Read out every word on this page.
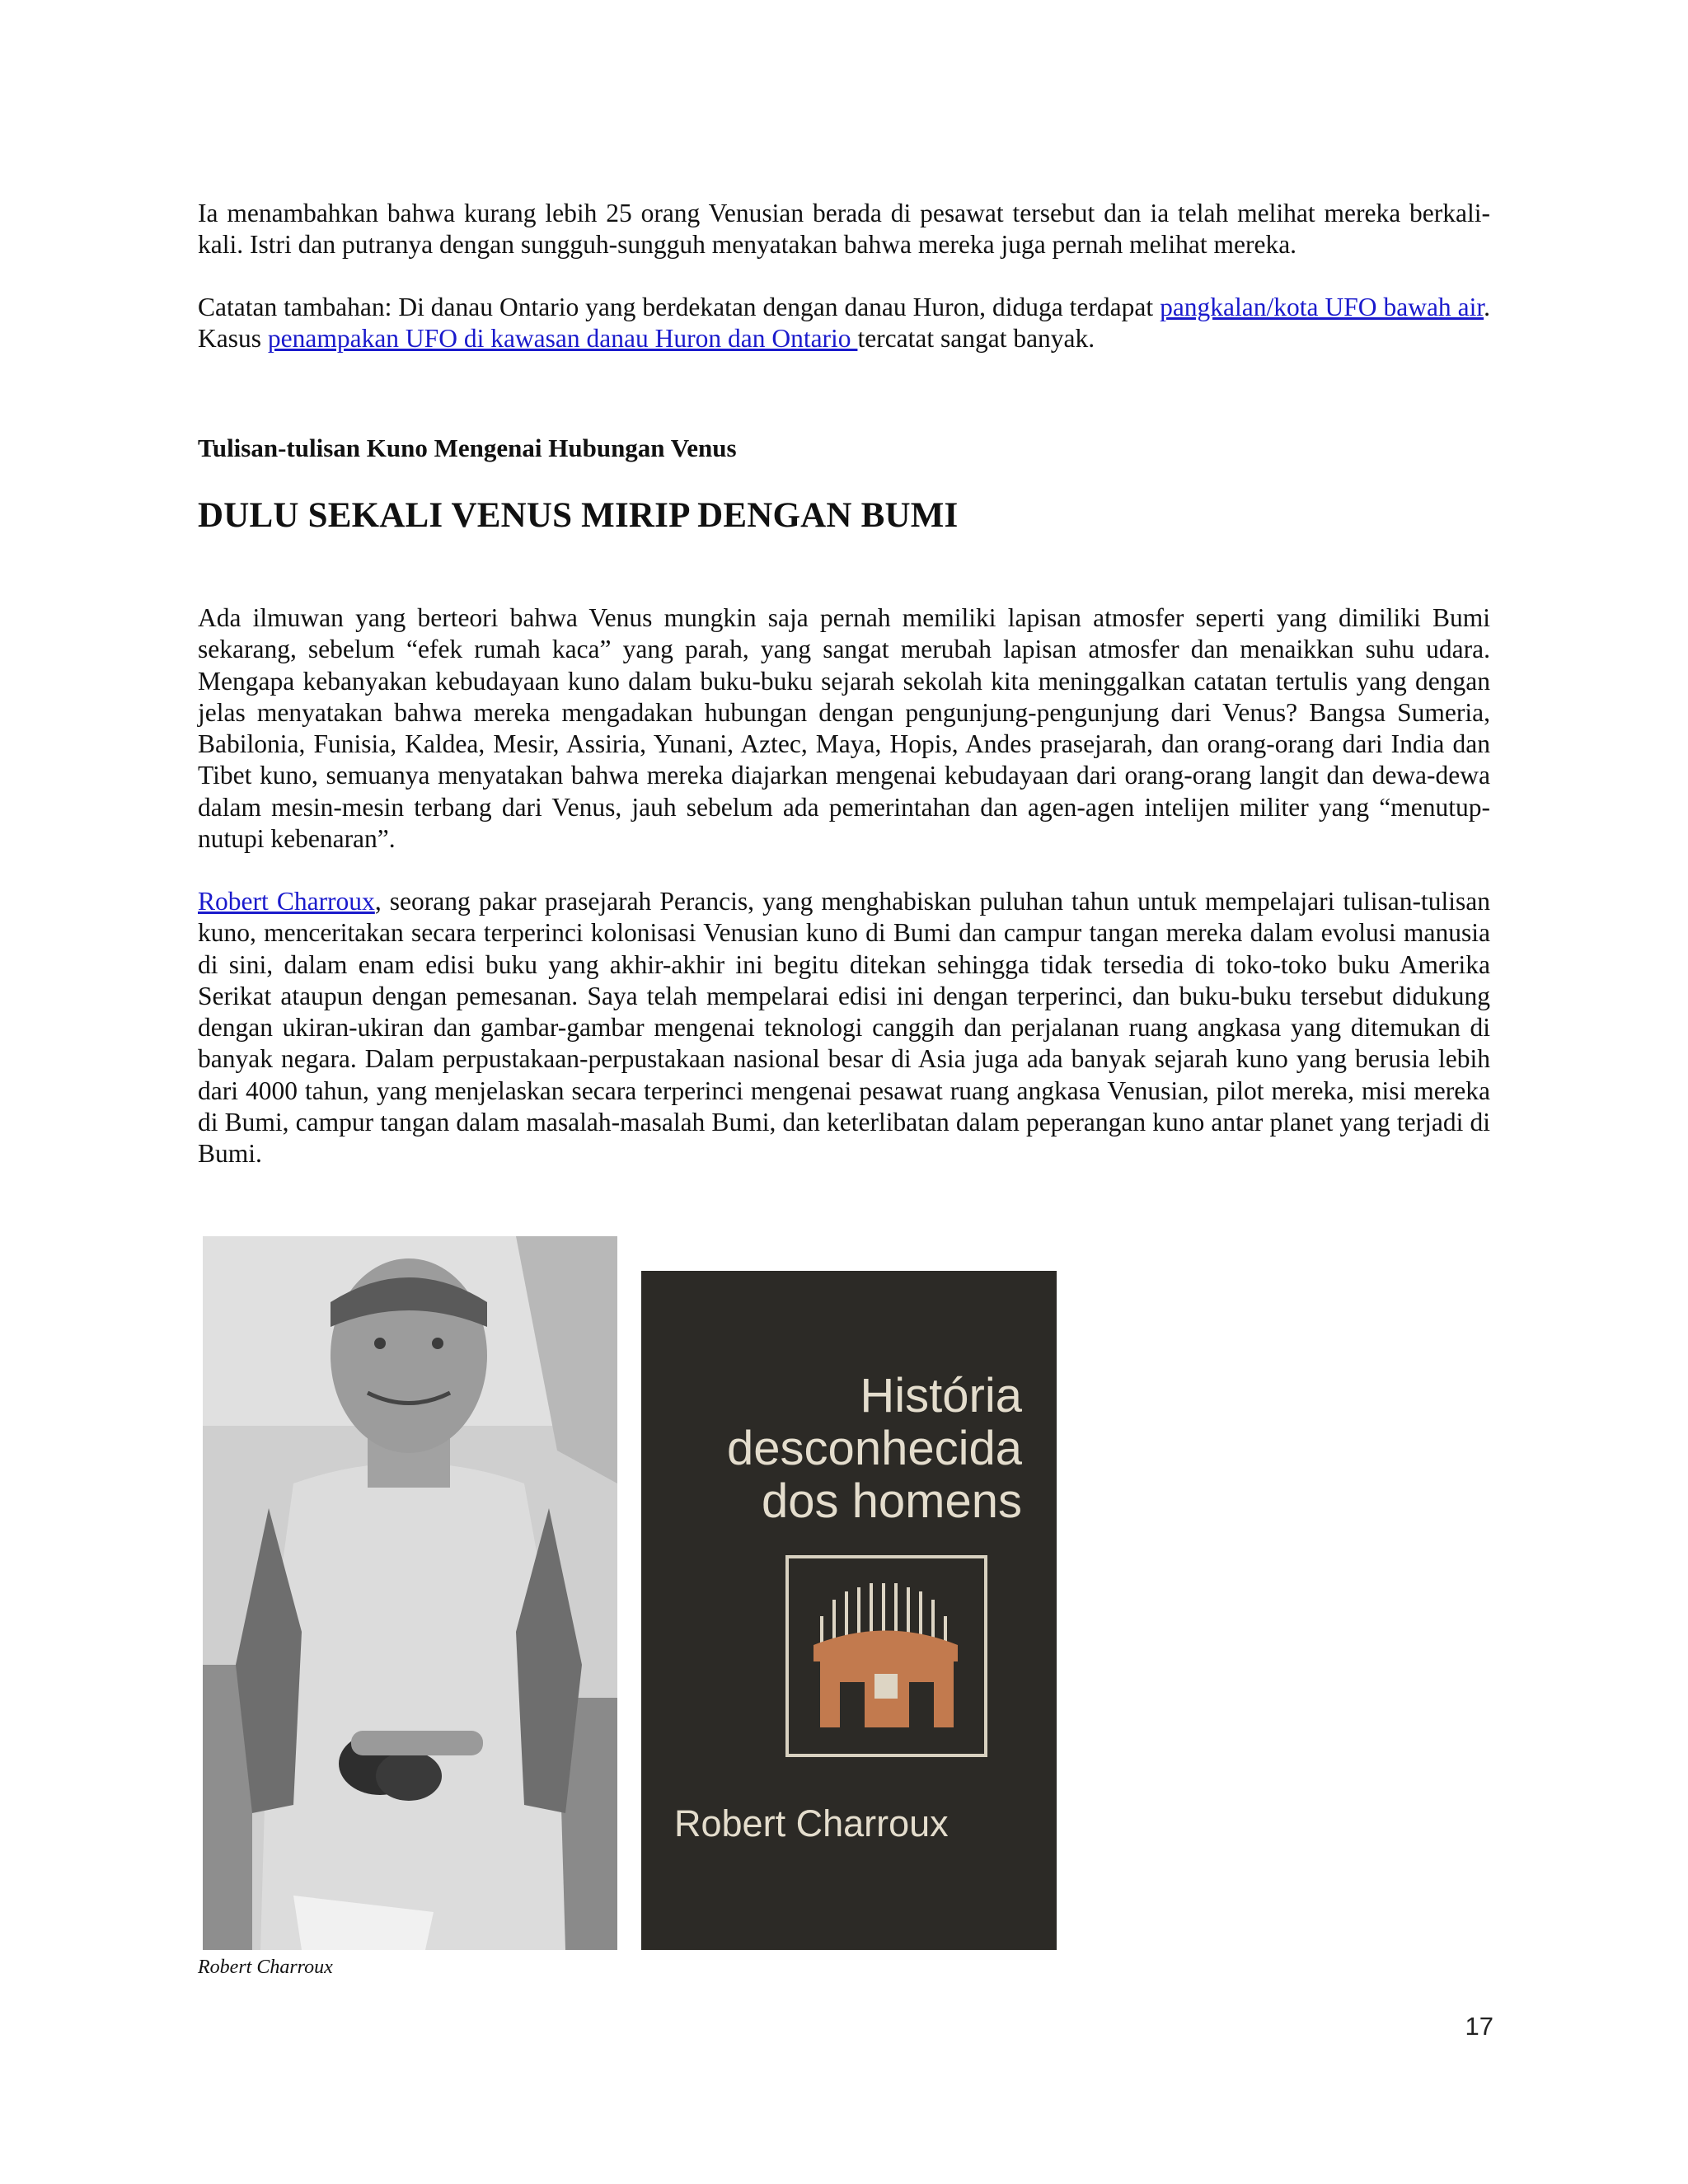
Ia menambahkan bahwa kurang lebih 25 orang Venusian berada di pesawat tersebut dan ia telah melihat mereka berkali-kali. Istri dan putranya dengan sungguh-sungguh menyatakan bahwa mereka juga pernah melihat mereka.

Catatan tambahan: Di danau Ontario yang berdekatan dengan danau Huron, diduga terdapat pangkalan/kota UFO bawah air. Kasus penampakan UFO di kawasan danau Huron dan Ontario tercatat sangat banyak.

Tulisan-tulisan Kuno Mengenai Hubungan Venus
DULU SEKALI VENUS MIRIP DENGAN BUMI

Ada ilmuwan yang berteori bahwa Venus mungkin saja pernah memiliki lapisan atmosfer seperti yang dimiliki Bumi sekarang, sebelum “efek rumah kaca” yang parah, yang sangat merubah lapisan atmosfer dan menaikkan suhu udara. Mengapa kebanyakan kebudayaan kuno dalam buku-buku sejarah sekolah kita meninggalkan catatan tertulis yang dengan jelas menyatakan bahwa mereka mengadakan hubungan dengan pengunjung-pengunjung dari Venus? Bangsa Sumeria, Babilonia, Funisia, Kaldea, Mesir, Assiria, Yunani, Aztec, Maya, Hopis, Andes prasejarah, dan orang-orang dari India dan Tibet kuno, semuanya menyatakan bahwa mereka diajarkan mengenai kebudayaan dari orang-orang langit dan dewa-dewa dalam mesin-mesin terbang dari Venus, jauh sebelum ada pemerintahan dan agen-agen intelijen militer yang “menutup-nutupi kebenaran”.

Robert Charroux, seorang pakar prasejarah Perancis, yang menghabiskan puluhan tahun untuk mempelajari tulisan-tulisan kuno, menceritakan secara terperinci kolonisasi Venusian kuno di Bumi dan campur tangan mereka dalam evolusi manusia di sini, dalam enam edisi buku yang akhir-akhir ini begitu ditekan sehingga tidak tersedia di toko-toko buku Amerika Serikat ataupun dengan pemesanan. Saya telah mempelarai edisi ini dengan terperinci, dan buku-buku tersebut didukung dengan ukiran-ukiran dan gambar-gambar mengenai teknologi canggih dan perjalanan ruang angkasa yang ditemukan di banyak negara. Dalam perpustakaan-perpustakaan nasional besar di Asia juga ada banyak sejarah kuno yang berusia lebih dari 4000 tahun, yang menjelaskan secara terperinci mengenai pesawat ruang angkasa Venusian, pilot mereka, misi mereka di Bumi, campur tangan dalam masalah-masalah Bumi, dan keterlibatan dalam peperangan kuno antar planet yang terjadi di Bumi.

História
desconhecida
dos homens
Robert Charroux

Robert Charroux

17
